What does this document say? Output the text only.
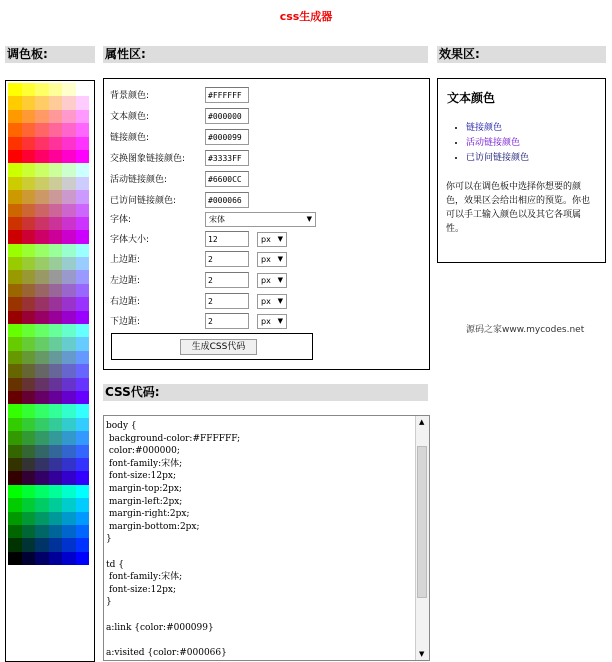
css生成器
调色板:	属性区:	效果区:
CSS代码:
背景颜色:	#FFFFFF
文本颜色:	#000000
链接颜色:	#000099
交换图象链接颜色:	#3333FF
活动链接颜色:	#6600CC
已访问链接颜色:	#000066
字体:	宋体	▼
字体大小:	12	px ▼
上边距:	2	px ▼
左边距:	2	px ▼
右边距:	2	px ▼
下边距:	2	px ▼
生成CSS代码
文本颜色
• 链接颜色
• 活动链接颜色
• 已访问链接颜色

你可以在调色板中选择你想要的颜色，效果区会给出相应的预览。你也可以手工输入颜色以及其它各项属性。

源码之家www.mycodes.net
body {
background-color:#FFFFFF;
color:#000000;
font-family:宋体;
font-size:12px;
margin-top:2px;
margin-left:2px;
margin-right:2px;
margin-bottom:2px;
}

td {
font-family:宋体;
font-size:12px;
}

a:link {color:#000099}

a:visited {color:#000066}
▲
▼
